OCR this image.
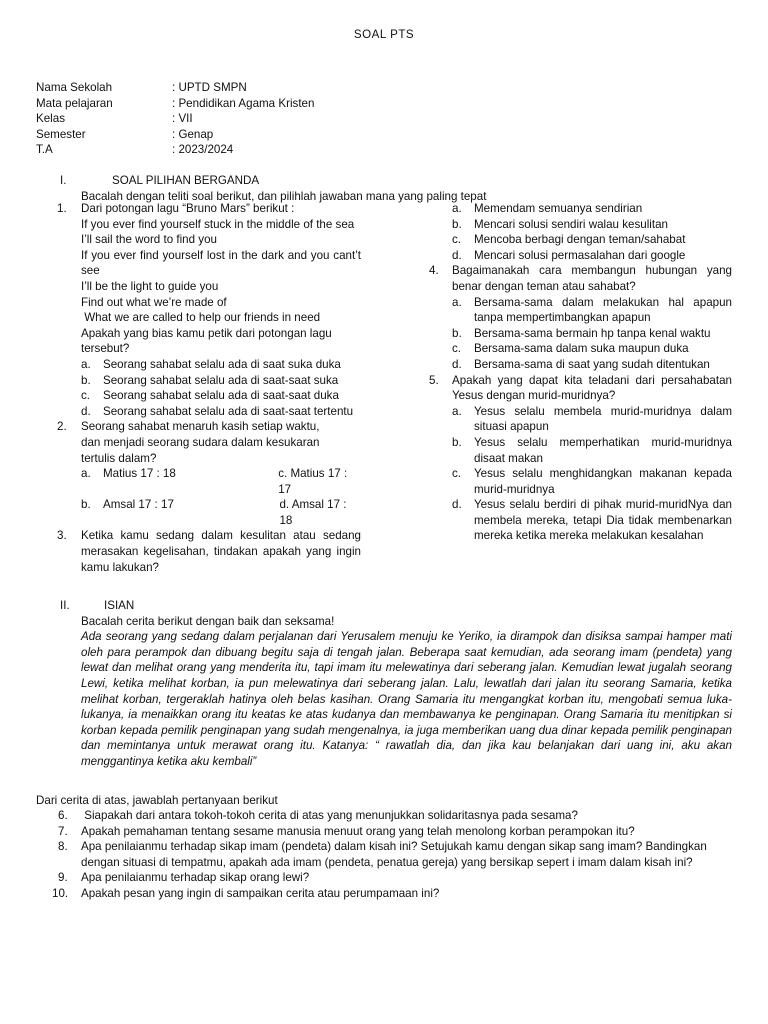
SOAL PTS
Nama Sekolah	: UPTD SMPN
Mata pelajaran	: Pendidikan Agama Kristen
Kelas	: VII
Semester	: Genap
T.A	: 2023/2024
I.	SOAL PILIHAN BERGANDA
Bacalah dengan teliti soal berikut, dan pilihlah jawaban mana yang paling tepat
1. Dari potongan lagu “Bruno Mars” berikut :
If you ever find yourself stuck in the middle of the sea
I’ll sail the word to find you
If you ever find yourself lost in the dark and you cant’t see
I’ll be the light to guide you
Find out what we’re made of
What we are called to help our friends in need
Apakah yang bias kamu petik dari potongan lagu tersebut?
a. Seorang sahabat selalu ada di saat suka duka
b. Seorang sahabat selalu ada di saat-saat suka
c. Seorang sahabat selalu ada di saat-saat duka
d. Seorang sahabat selalu ada di saat-saat tertentu
2. Seorang sahabat menaruh kasih setiap waktu, dan menjadi seorang sudara dalam kesukaran tertulis dalam?
a. Matius 17 : 18	c. Matius 17 : 17
b. Amsal 17 : 17	d. Amsal 17 : 18
3. Ketika kamu sedang dalam kesulitan atau sedang merasakan kegelisahan, tindakan apakah yang ingin kamu lakukan?
a. Memendam semuanya sendirian
b. Mencari solusi sendiri walau kesulitan
c. Mencoba berbagi dengan teman/sahabat
d. Mencari solusi permasalahan dari google
4. Bagaimanakah cara membangun hubungan yang benar dengan teman atau sahabat?
a. Bersama-sama dalam melakukan hal apapun tanpa mempertimbangkan apapun
b. Bersama-sama bermain hp tanpa kenal waktu
c. Bersama-sama dalam suka maupun duka
d. Bersama-sama di saat yang sudah ditentukan
5. Apakah yang dapat kita teladani dari persahabatan Yesus dengan murid-muridnya?
a. Yesus selalu membela murid-muridnya dalam situasi apapun
b. Yesus selalu memperhatikan murid-muridnya disaat makan
c. Yesus selalu menghidangkan makanan kepada murid-muridnya
d. Yesus selalu berdiri di pihak murid-muridNya dan membela mereka, tetapi Dia tidak membenarkan mereka ketika mereka melakukan kesalahan
II.	ISIAN
Bacalah cerita berikut dengan baik dan seksama!
Ada seorang yang sedang dalam perjalanan dari Yerusalem menuju ke Yeriko, ia dirampok dan disiksa sampai hamper mati oleh para perampok dan dibuang begitu saja di tengah jalan. Beberapa saat kemudian, ada seorang imam (pendeta) yang lewat dan melihat orang yang menderita itu, tapi imam itu melewatinya dari seberang jalan. Kemudian lewat jugalah seorang Lewi, ketika melihat korban, ia pun melewatinya dari seberang jalan. Lalu, lewatlah dari jalan itu seorang Samaria, ketika melihat korban, tergeraklah hatinya oleh belas kasihan. Orang Samaria itu mengangkat korban itu, mengobati semua luka-lukanya, ia menaikkan orang itu keatas ke atas kudanya dan membawanya ke penginapan. Orang Samaria itu menitipkan si korban kepada pemilik penginapan yang sudah mengenalnya, ia juga memberikan uang dua dinar kepada pemilik penginapan dan memintanya untuk merawat orang itu. Katanya: “ rawatlah dia, dan jika kau belanjakan dari uang ini, aku akan menggantinya ketika aku kembali”
Dari cerita di atas, jawablah pertanyaan berikut
6. Siapakah dari antara tokoh-tokoh cerita di atas yang menunjukkan solidaritasnya pada sesama?
7. Apakah pemahaman tentang sesame manusia menuut orang yang telah menolong korban perampokan itu?
8. Apa penilaianmu terhadap sikap imam (pendeta) dalam kisah ini? Setujukah kamu dengan sikap sang imam? Bandingkan dengan situasi di tempatmu, apakah ada imam (pendeta, penatua gereja) yang bersikap sepert i imam dalam kisah ini?
9. Apa penilaianmu terhadap sikap orang lewi?
10. Apakah pesan yang ingin di sampaikan cerita atau perumpamaan ini?
